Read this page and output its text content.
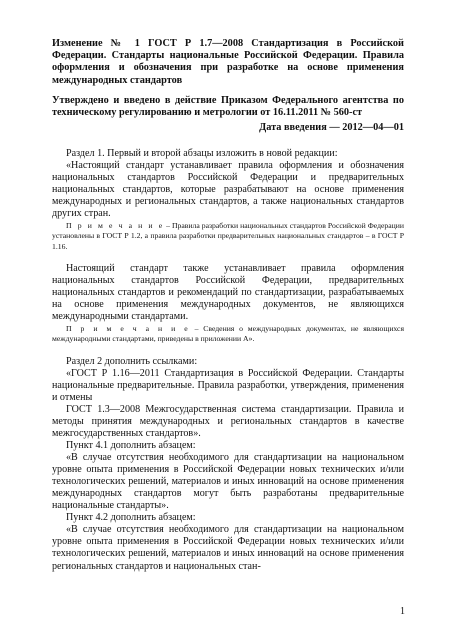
Изменение № 1 ГОСТ Р 1.7—2008 Стандартизация в Российской Федерации. Стандарты национальные Российской Федерации. Правила оформления и обозначения при разработке на основе применения международных стандартов

Утверждено и введено в действие Приказом Федерального агентства по техническому регулированию и метрологии от 16.11.2011 № 560-ст

Дата введения — 2012—04—01

Раздел 1. Первый и второй абзацы изложить в новой редакции:

«Настоящий стандарт устанавливает правила оформления и обозначения национальных стандартов Российской Федерации и предварительных национальных стандартов, которые разрабатывают на основе применения международных и региональных стандартов, а также национальных стандартов других стран.

П р и м е ч а н и е – Правила разработки национальных стандартов Российской Федерации установлены в ГОСТ Р 1.2, а правила разработки предварительных национальных стандартов – в ГОСТ Р 1.16.

Настоящий стандарт также устанавливает правила оформления национальных стандартов Российской Федерации, предварительных национальных стандартов и рекомендаций по стандартизации, разрабатываемых на основе применения международных документов, не являющихся международными стандартами.

П р и м е ч а н и е – Сведения о международных документах, не являющихся международными стандартами, приведены в приложении А».

Раздел 2 дополнить ссылками:

«ГОСТ Р 1.16—2011 Стандартизация в Российской Федерации. Стандарты национальные предварительные. Правила разработки, утверждения, применения и отмены

ГОСТ 1.3—2008 Межгосударственная система стандартизации. Правила и методы принятия международных и региональных стандартов в качестве межгосударственных стандартов».

Пункт 4.1 дополнить абзацем:

«В случае отсутствия необходимого для стандартизации на национальном уровне опыта применения в Российской Федерации новых технических и/или технологических решений, материалов и иных инноваций на основе применения международных стандартов могут быть разработаны предварительные национальные стандарты».

Пункт 4.2 дополнить абзацем:

«В случае отсутствия необходимого для стандартизации на национальном уровне опыта применения в Российской Федерации новых технических и/или технологических решений, материалов и иных инноваций на основе применения региональных стандартов и национальных стан-

1
